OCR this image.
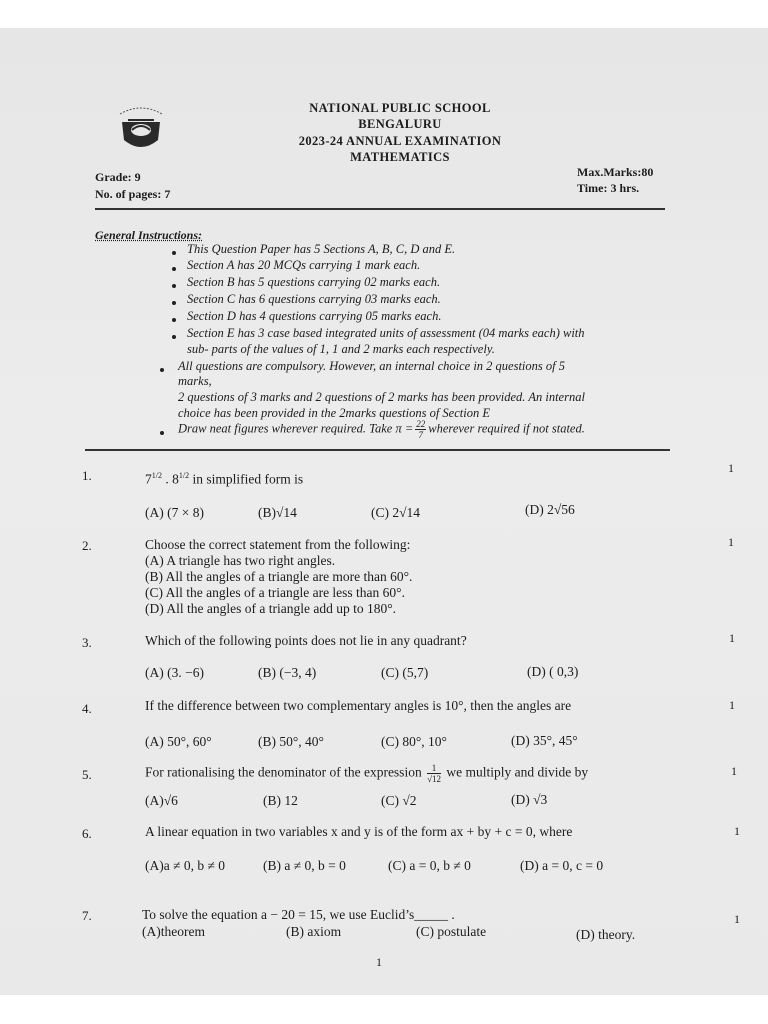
NATIONAL PUBLIC SCHOOL
BENGALURU
2023-24 ANNUAL EXAMINATION
MATHEMATICS
Grade: 9
No. of pages: 7
Max.Marks:80
Time: 3 hrs.
General Instructions:
This Question Paper has 5 Sections A, B, C, D and E.
Section A has 20 MCQs carrying 1 mark each.
Section B has 5 questions carrying 02 marks each.
Section C has 6 questions carrying 03 marks each.
Section D has 4 questions carrying 05 marks each.
Section E has 3 case based integrated units of assessment (04 marks each) with
sub- parts of the values of 1, 1 and 2 marks each respectively.
All questions are compulsory. However, an internal choice in 2 questions of 5
marks,
2 questions of 3 marks and 2 questions of 2 marks has been provided. An internal
choice has been provided in the 2marks questions of Section E
Draw neat figures wherever required. Take $\pi = \frac{22}{7}$ wherever required if not stated.
1.	$7^{1/2}$ . $8^{1/2}$ in simplified form is
1
(A) (7 × 8)	(B)√14	(C) 2√14	(D) 2√56
2.	Choose the correct statement from the following:	1
(A) A triangle has two right angles.
(B) All the angles of a triangle are more than 60°.
(C) All the angles of a triangle are less than 60°.
(D) All the angles of a triangle add up to 180°.
3.	Which of the following points does not lie in any quadrant?	1
(A) (3. −6)	(B) (−3, 4)	(C) (5,7)	(D) ( 0,3)
4.	If the difference between two complementary angles is 10°, then the angles are	1
(A) 50°, 60°	(B) 50°, 40°	(C) 80°, 10°	(D) 35°, 45°
5.	For rationalising the denominator of the expression $\frac{1}{√12}$ we multiply and divide by	1
(A)√6	(B) 12	(C) √2	(D) √3
6.	A linear equation in two variables x and y is of the form ax + by + c = 0, where	1
(A)a ≠ 0, b ≠ 0	(B) a ≠ 0, b = 0	(C) a = 0, b ≠ 0	(D) a = 0, c = 0
7.	To solve the equation a − 20 = 15, we use Euclid’s_____ .	1
(A)theorem	(B) axiom	(C) postulate	(D) theory.
1
